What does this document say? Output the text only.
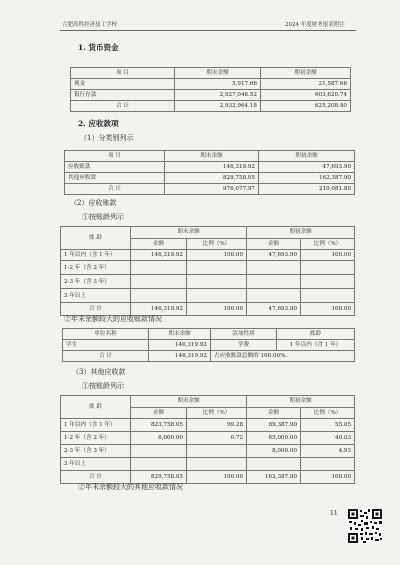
合肥高科经济技工学校	2024 年度财务报表附注
1. 货币资金
项 目	期末余额	期初余额
现金	5,917.66	21,587.66
银行存款	2,927,046.52	603,620.74
合 计	2,932,964.18	625,208.40
2. 应收款项
（1）分类别列示
项 目	期末余额	期初余额
应收账款	146,319.92	47,693.90
其他应收款	829,758.05	162,387.90
合 计	976,077.97	210,081.80
（2）应收账款
①按账龄列示
账 龄	期末余额		期初余额	
	金额	比例（%）	金额	比例（%）
1 年以内（含 1 年）	146,319.92	100.00	47,693.90	100.00
1-2 年（含 2 年）				
2-3 年（含 3 年）				
3 年以上				
合 计	146,319.92	100.00	47,693.90	100.00
②年末余额较大的应收账款情况
单位名称	期末余额	款项性质	账龄
学生	146,319.92	学费	1 年以内（含 1 年）
合 计	146,319.92	占应收账款总额的 100.00%。	
（3）其他应收款
①按账龄列示
账 龄	期末余额		期初余额	
	金额	比例（%）	金额	比例（%）
1 年以内（含 1 年）	823,758.05	99.28	89,387.90	55.05
1-2 年（含 2 年）	6,000.00	0.72	65,000.00	40.03
2-3 年（含 3 年）			8,000.00	4.93
3 年以上				
合 计	829,758.05	100.00	162,387.90	100.00
②年末余额较大的其他应收款情况
11
